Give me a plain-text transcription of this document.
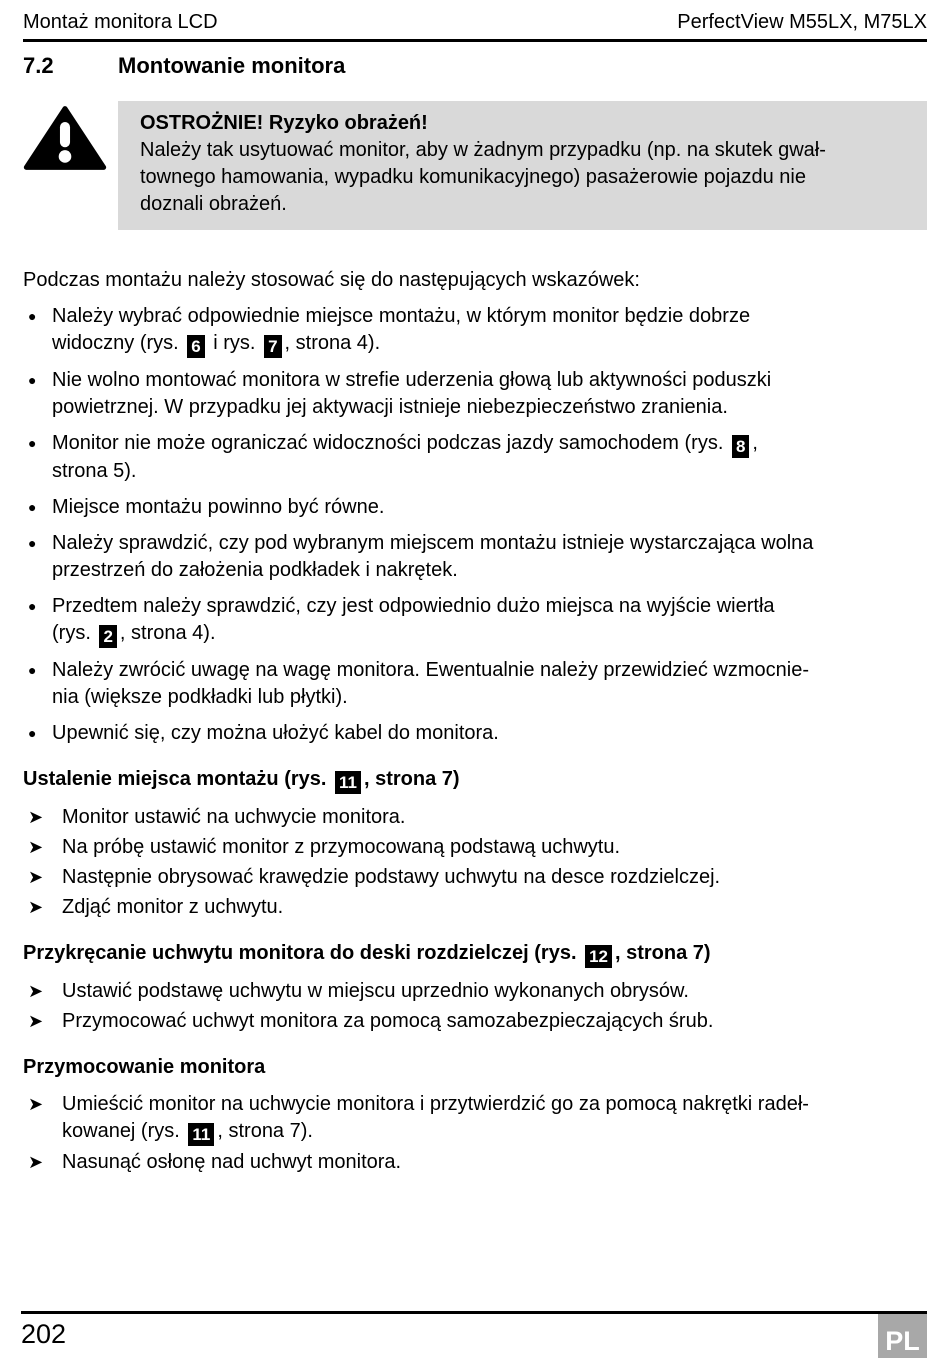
Montaż monitora LCD	PerfectView M55LX, M75LX
7.2	Montowanie monitora
OSTROŻNIE! Ryzyko obrażeń!
Należy tak usytuować monitor, aby w żadnym przypadku (np. na skutek gwał-
townego hamowania, wypadku komunikacyjnego) pasażerowie pojazdu nie
doznali obrażeń.
Podczas montażu należy stosować się do następujących wskazówek:
● Należy wybrać odpowiednie miejsce montażu, w którym monitor będzie dobrze
widoczny (rys. 6 i rys. 7 , strona 4).
● Nie wolno montować monitora w strefie uderzenia głową lub aktywności poduszki
powietrznej. W przypadku jej aktywacji istnieje niebezpieczeństwo zranienia.
● Monitor nie może ograniczać widoczności podczas jazdy samochodem (rys. 8 ,
strona 5).
● Miejsce montażu powinno być równe.
● Należy sprawdzić, czy pod wybranym miejscem montażu istnieje wystarczająca wolna
przestrzeń do założenia podkładek i nakrętek.
● Przedtem należy sprawdzić, czy jest odpowiednio dużo miejsca na wyjście wiertła
(rys. 2 , strona 4).
● Należy zwrócić uwagę na wagę monitora. Ewentualnie należy przewidzieć wzmocnie-
nia (większe podkładki lub płytki).
● Upewnić się, czy można ułożyć kabel do monitora.
Ustalenie miejsca montażu (rys. 11 , strona 7)
➤ Monitor ustawić na uchwycie monitora.
➤ Na próbę ustawić monitor z przymocowaną podstawą uchwytu.
➤ Następnie obrysować krawędzie podstawy uchwytu na desce rozdzielczej.
➤ Zdjąć monitor z uchwytu.
Przykręcanie uchwytu monitora do deski rozdzielczej (rys. 12 , strona 7)
➤ Ustawić podstawę uchwytu w miejscu uprzednio wykonanych obrysów.
➤ Przymocować uchwyt monitora za pomocą samozabezpieczających śrub.
Przymocowanie monitora
➤ Umieścić monitor na uchwycie monitora i przytwierdzić go za pomocą nakrętki radeł-
kowanej (rys. 11 , strona 7).
➤ Nasunąć osłonę nad uchwyt monitora.
202	PL
